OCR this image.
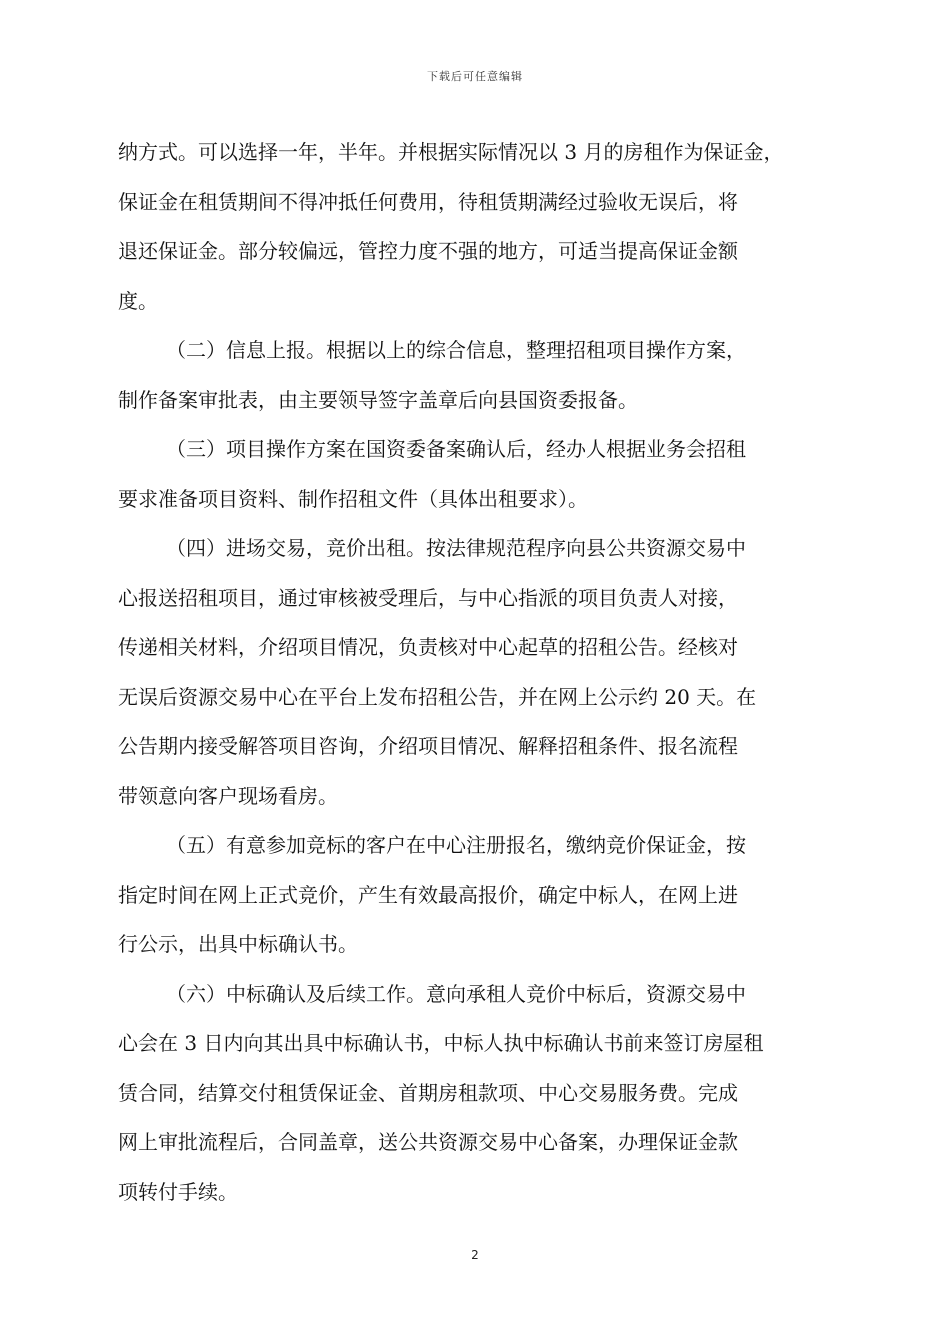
下载后可任意编辑

纳方式。可以选择一年，半年。并根据实际情况以 3 月的房租作为保证金，
保证金在租赁期间不得冲抵任何费用，待租赁期满经过验收无误后，将
退还保证金。部分较偏远，管控力度不强的地方，可适当提高保证金额
度。

（二）信息上报。根据以上的综合信息，整理招租项目操作方案，
制作备案审批表，由主要领导签字盖章后向县国资委报备。

（三）项目操作方案在国资委备案确认后，经办人根据业务会招租
要求准备项目资料、制作招租文件（具体出租要求）。

（四）进场交易，竞价出租。按法律规范程序向县公共资源交易中
心报送招租项目，通过审核被受理后，与中心指派的项目负责人对接，
传递相关材料，介绍项目情况，负责核对中心起草的招租公告。经核对
无误后资源交易中心在平台上发布招租公告，并在网上公示约 20 天。在
公告期内接受解答项目咨询，介绍项目情况、解释招租条件、报名流程
带领意向客户现场看房。

（五）有意参加竞标的客户在中心注册报名，缴纳竞价保证金，按
指定时间在网上正式竞价，产生有效最高报价，确定中标人，在网上进
行公示，出具中标确认书。

（六）中标确认及后续工作。意向承租人竞价中标后，资源交易中
心会在 3 日内向其出具中标确认书，中标人执中标确认书前来签订房屋租
赁合同，结算交付租赁保证金、首期房租款项、中心交易服务费。完成
网上审批流程后，合同盖章，送公共资源交易中心备案，办理保证金款
项转付手续。

2
